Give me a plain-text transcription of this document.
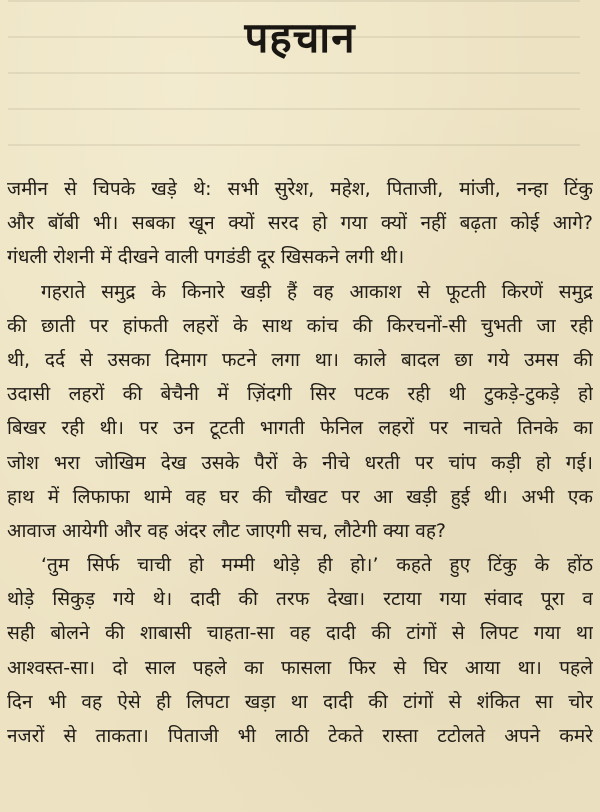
पहचान
जमीन से चिपके खड़े थे: सभी सुरेश, महेश, पिताजी, मांजी, नन्हा टिंकु
और बॉबी भी। सबका खून क्यों सरद हो गया क्यों नहीं बढ़ता कोई आगे?
गंधली रोशनी में दीखने वाली पगडंडी दूर खिसकने लगी थी।
गहराते समुद्र के किनारे खड़ी हैं वह आकाश से फूटती किरणें समुद्र
की छाती पर हांफती लहरों के साथ कांच की किरचनों-सी चुभती जा रही
थी, दर्द से उसका दिमाग फटने लगा था। काले बादल छा गये उमस की
उदासी लहरों की बेचैनी में ज़िंदगी सिर पटक रही थी टुकड़े-टुकड़े हो
बिखर रही थी। पर उन टूटती भागती फेनिल लहरों पर नाचते तिनके का
जोश भरा जोखिम देख उसके पैरों के नीचे धरती पर चांप कड़ी हो गई।
हाथ में लिफाफा थामे वह घर की चौखट पर आ खड़ी हुई थी। अभी एक
आवाज आयेगी और वह अंदर लौट जाएगी सच, लौटेगी क्या वह?
‘तुम सिर्फ चाची हो मम्मी थोड़े ही हो।’ कहते हुए टिंकु के होंठ
थोड़े सिकुड़ गये थे। दादी की तरफ देखा। रटाया गया संवाद पूरा व
सही बोलने की शाबासी चाहता-सा वह दादी की टांगों से लिपट गया था
आश्वस्त-सा। दो साल पहले का फासला फिर से घिर आया था। पहले
दिन भी वह ऐसे ही लिपटा खड़ा था दादी की टांगों से शंकित सा चोर
नजरों से ताकता। पिताजी भी लाठी टेकते रास्ता टटोलते अपने कमरे
